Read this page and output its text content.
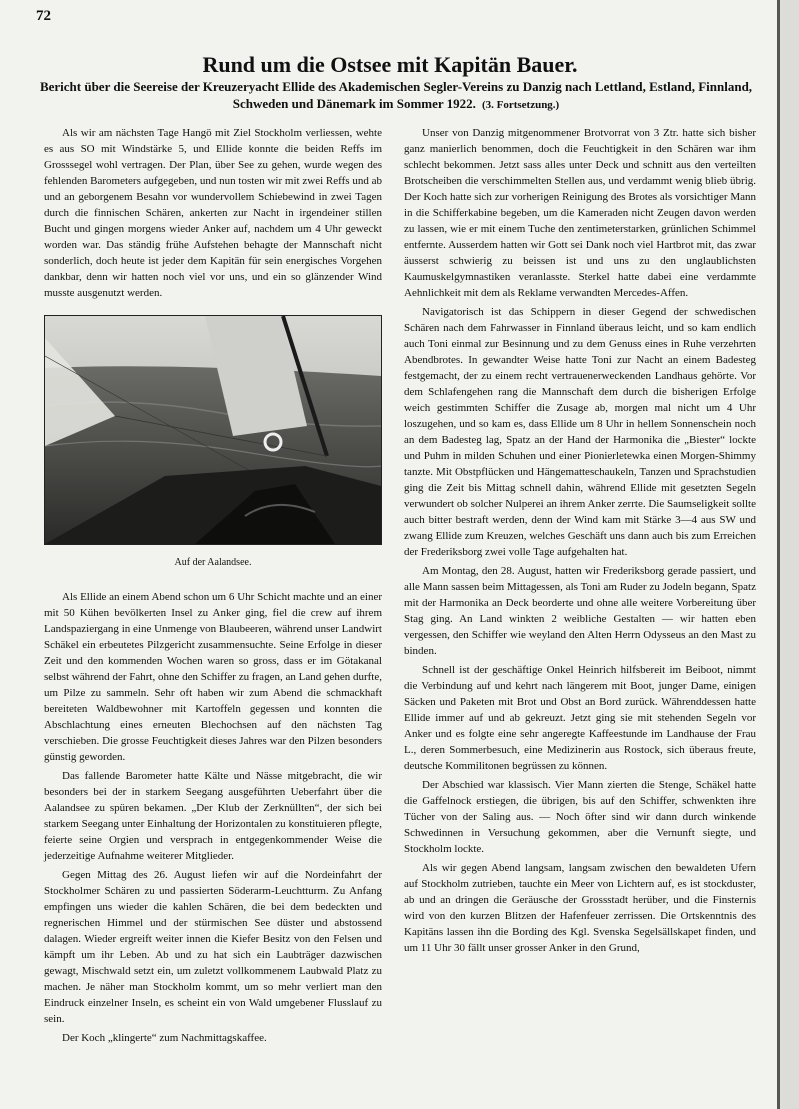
72
Rund um die Ostsee mit Kapitän Bauer.
Bericht über die Seereise der Kreuzeryacht Ellide des Akademischen Segler-Vereins zu Danzig nach Lettland, Estland, Finnland, Schweden und Dänemark im Sommer 1922. (3. Fortsetzung.)

Als wir am nächsten Tage Hangö mit Ziel Stockholm verliessen, wehte es aus SO mit Windstärke 5, und Ellide konnte die beiden Reffs im Grosssegel wohl vertragen. Der Plan, über See zu gehen, wurde wegen des fehlenden Barometers aufgegeben, und nun tosten wir mit zwei Reffs und ab und an geborgenem Besahn vor wundervollem Schiebewind in zwei Tagen durch die finnischen Schären, ankerten zur Nacht in irgendeiner stillen Bucht und gingen morgens wieder Anker auf, nachdem um 4 Uhr geweckt worden war. Das ständig frühe Aufstehen behagte der Mannschaft nicht sonderlich, doch heute ist jeder dem Kapitän für sein energisches Vorgehen dankbar, denn wir hatten noch viel vor uns, und ein so glänzender Wind musste ausgenutzt werden.

Auf der Aalandsee.

Als Ellide an einem Abend schon um 6 Uhr Schicht machte und an einer mit 50 Kühen bevölkerten Insel zu Anker ging, fiel die crew auf ihrem Landspaziergang in eine Unmenge von Blaubeeren, während unser Landwirt Schäkel ein erbeutetes Pilzgericht zusammensuchte. Seine Erfolge in dieser Zeit und den kommenden Wochen waren so gross, dass er im Götakanal selbst während der Fahrt, ohne den Schiffer zu fragen, an Land gehen durfte, um Pilze zu sammeln. Sehr oft haben wir zum Abend die schmackhaft bereiteten Waldbewohner mit Kartoffeln gegessen und konnten die Abschlachtung eines erneuten Blechochsen auf den nächsten Tag verschieben. Die grosse Feuchtigkeit dieses Jahres war den Pilzen besonders günstig geworden.

Das fallende Barometer hatte Kälte und Nässe mitgebracht, die wir besonders bei der in starkem Seegang ausgeführten Ueberfahrt über die Aalandsee zu spüren bekamen. „Der Klub der Zerknüllten“, der sich bei starkem Seegang unter Einhaltung der Horizontalen zu konstituieren pflegte, feierte seine Orgien und versprach in entgegenkommender Weise die jederzeitige Aufnahme weiterer Mitglieder.

Gegen Mittag des 26. August liefen wir auf die Nordeinfahrt der Stockholmer Schären zu und passierten Söderarm-Leuchtturm. Zu Anfang empfingen uns wieder die kahlen Schären, die bei dem bedeckten und regnerischen Himmel und der stürmischen See düster und abstossend dalagen. Wieder ergreift weiter innen die Kiefer Besitz von den Felsen und kämpft um ihr Leben. Ab und zu hat sich ein Laubträger dazwischen gewagt, Mischwald setzt ein, um zuletzt vollkommenem Laubwald Platz zu machen. Je näher man Stockholm kommt, um so mehr verliert man den Eindruck einzelner Inseln, es scheint ein von Wald umgebener Flusslauf zu sein.

Der Koch „klingerte“ zum Nachmittagskaffee.

Unser von Danzig mitgenommener Brotvorrat von 3 Ztr. hatte sich bisher ganz manierlich benommen, doch die Feuchtigkeit in den Schären war ihm schlecht bekommen. Jetzt sass alles unter Deck und schnitt aus den verteilten Brotscheiben die verschimmelten Stellen aus, und verdammt wenig blieb übrig. Der Koch hatte sich zur vorherigen Reinigung des Brotes als vorsichtiger Mann in die Schifferkabine begeben, um die Kameraden nicht Zeugen davon werden zu lassen, wie er mit einem Tuche den zentimeterstarken, grünlichen Schimmel entfernte. Ausserdem hatten wir Gott sei Dank noch viel Hartbrot mit, das zwar äusserst schwierig zu beissen ist und uns zu den unglaublichsten Kaumuskelgymnastiken veranlasste. Sterkel hatte dabei eine verdammte Aehnlichkeit mit dem als Reklame verwandten Mercedes-Affen.

Navigatorisch ist das Schippern in dieser Gegend der schwedischen Schären nach dem Fahrwasser in Finnland überaus leicht, und so kam endlich auch Toni einmal zur Besinnung und zu dem Genuss eines in Ruhe verzehrten Abendbrotes. In gewandter Weise hatte Toni zur Nacht an einem Badesteg festgemacht, der zu einem recht vertrauenerweckenden Landhaus gehörte. Vor dem Schlafengehen rang die Mannschaft dem durch die bisherigen Erfolge weich gestimmten Schiffer die Zusage ab, morgen mal nicht um 4 Uhr loszugehen, und so kam es, dass Ellide um 8 Uhr in hellem Sonnenschein noch an dem Badesteg lag, Spatz an der Hand der Harmonika die „Biester“ lockte und Puhm in milden Schuhen und einer Pionierletewka einen Morgen-Shimmy tanzte. Mit Obstpflücken und Hängematteschaukeln, Tanzen und Sprachstudien ging die Zeit bis Mittag schnell dahin, während Ellide mit gesetzten Segeln verwundert ob solcher Nulperei an ihrem Anker zerrte. Die Saumseligkeit sollte auch bitter bestraft werden, denn der Wind kam mit Stärke 3—4 aus SW und zwang Ellide zum Kreuzen, welches Geschäft uns dann auch bis zum Erreichen der Frederiksborg zwei volle Tage aufgehalten hat.

Am Montag, den 28. August, hatten wir Frederiksborg gerade passiert, und alle Mann sassen beim Mittagessen, als Toni am Ruder zu Jodeln begann, Spatz mit der Harmonika an Deck beorderte und ohne alle weitere Vorbereitung über Stag ging. An Land winkten 2 weibliche Gestalten — wir hatten eben vergessen, den Schiffer wie weyland den Alten Herrn Odysseus an den Mast zu binden.

Schnell ist der geschäftige Onkel Heinrich hilfsbereit im Beiboot, nimmt die Verbindung auf und kehrt nach längerem mit Boot, junger Dame, einigen Säcken und Paketen mit Brot und Obst an Bord zurück. Währenddessen hatte Ellide immer auf und ab gekreuzt. Jetzt ging sie mit stehenden Segeln vor Anker und es folgte eine sehr angeregte Kaffeestunde im Landhause der Frau L., deren Sommerbesuch, eine Medizinerin aus Rostock, sich überaus freute, deutsche Kommilitonen begrüssen zu können.

Der Abschied war klassisch. Vier Mann zierten die Stenge, Schäkel hatte die Gaffelnock erstiegen, die übrigen, bis auf den Schiffer, schwenkten ihre Tücher von der Saling aus. — Noch öfter sind wir dann durch winkende Schwedinnen in Versuchung gekommen, aber die Vernunft siegte, und Stockholm lockte.

Als wir gegen Abend langsam, langsam zwischen den bewaldeten Ufern auf Stockholm zutrieben, tauchte ein Meer von Lichtern auf, es ist stockduster, ab und an dringen die Geräusche der Grossstadt herüber, und die Finsternis wird von den kurzen Blitzen der Hafenfeuer zerrissen. Die Ortskenntnis des Kapitäns lassen ihn die Bording des Kgl. Svenska Segelsällskapet finden, und um 11 Uhr 30 fällt unser grosser Anker in den Grund,
